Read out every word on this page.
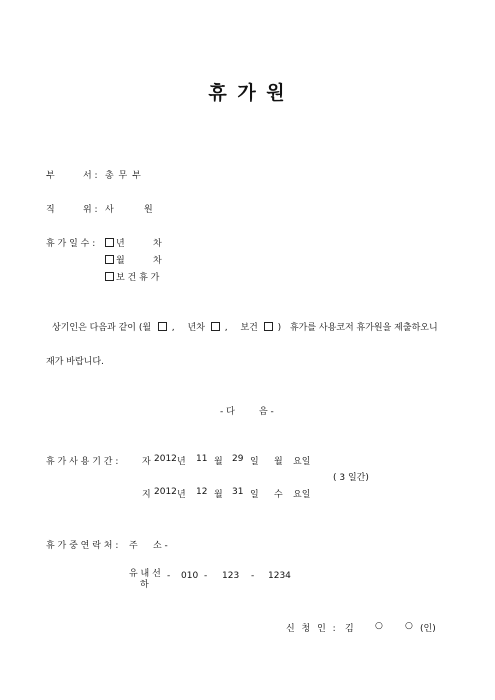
휴 가 원
부	서 : 총 무 부
직	위 : 사	원
휴 가 일 수 :	년	차
월	차
보 건 휴 가
상기인은 다음과 같이 (월 , 년차 , 보건 ) 휴가를 사용코저 휴가원을 제출하오니
재가 바랍니다.
- 다	음 -
휴 가 사 용 기 간 :	자 2012 년 11 월 29 일 월 요일
( 3 일간)
지 2012 년 12 월 31 일 수 요일
휴 가 중 연 락 처 : 주 소 -
유 내 선
하
- 010 - 123 - 1234
신 청 인 : 김 ○ ○ (인)
